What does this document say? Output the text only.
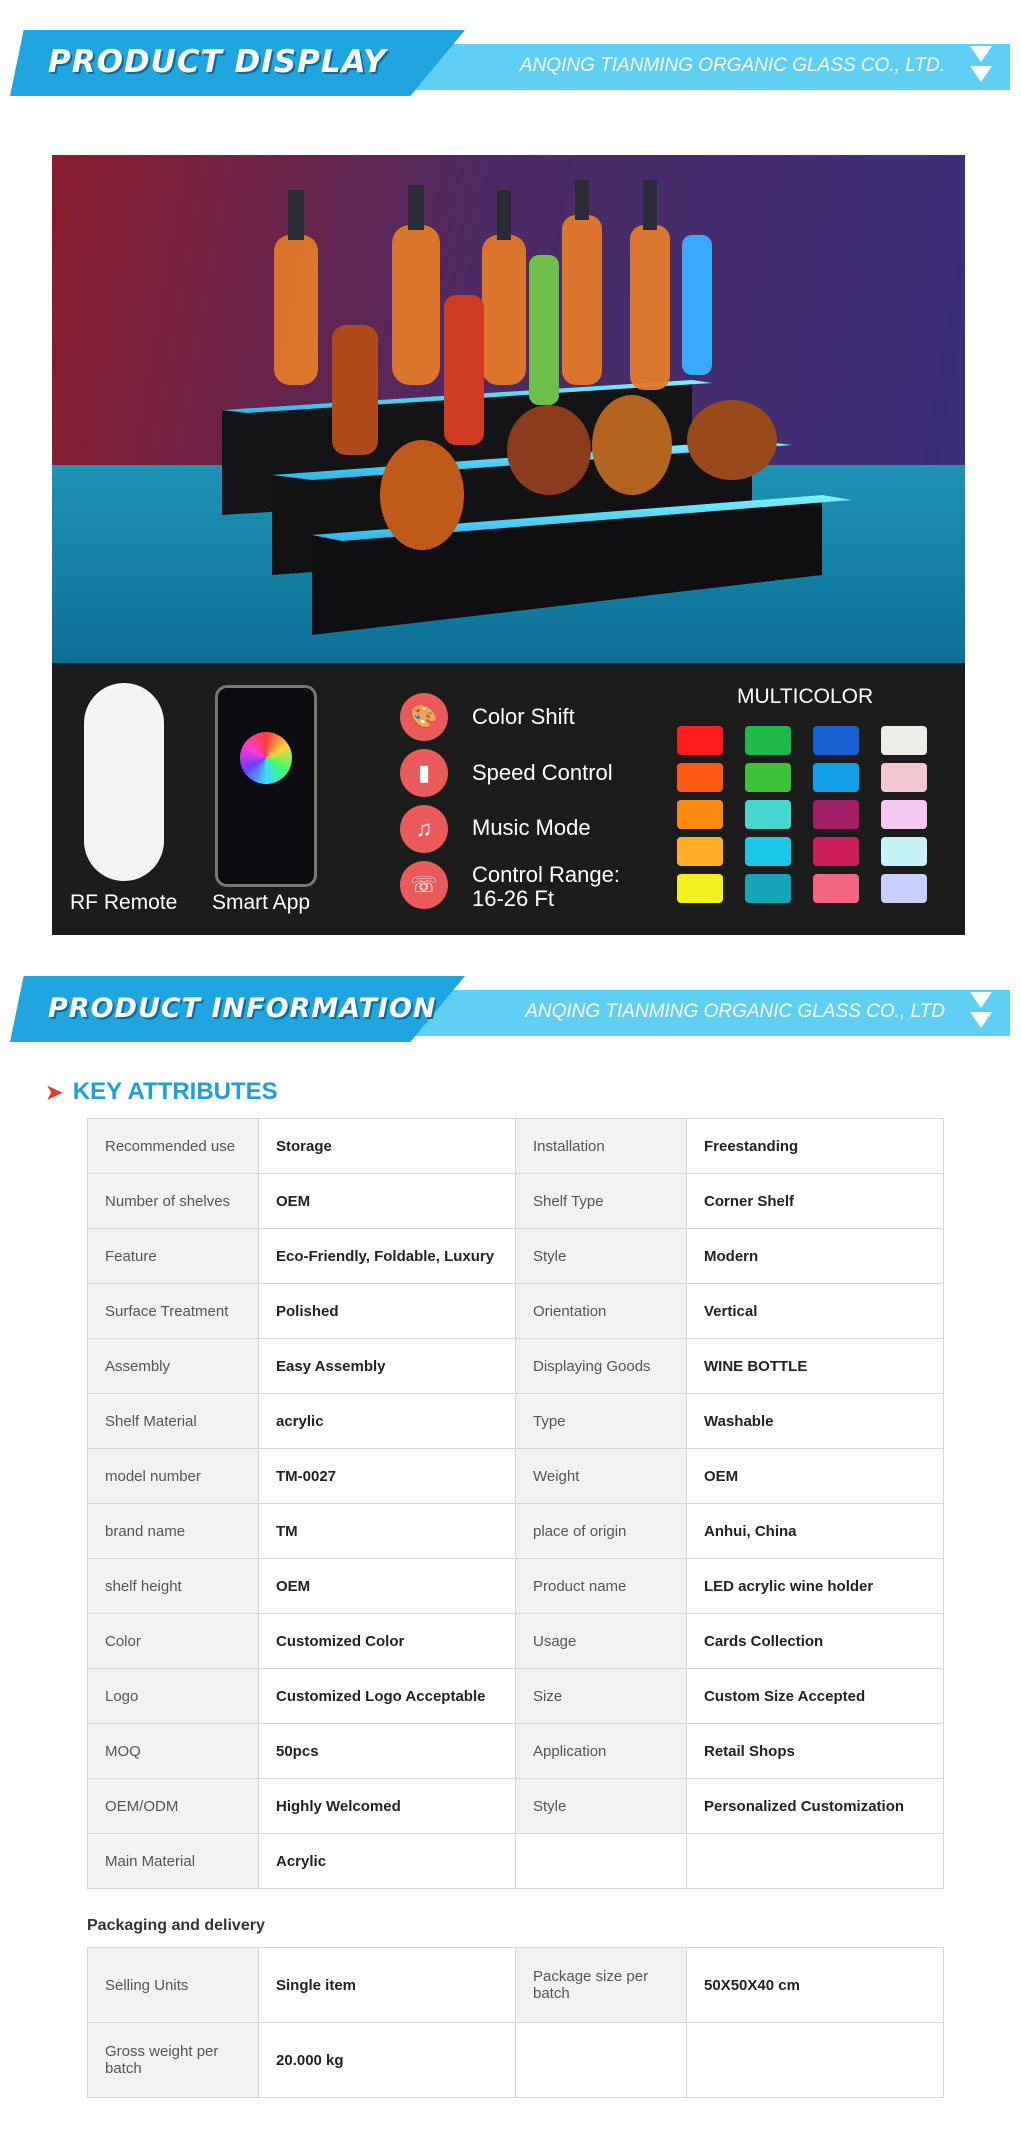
PRODUCT DISPLAY	ANQING TIANMING ORGANIC GLASS CO., LTD.
RF Remote Smart App
🎨	Color Shift
▮	Speed Control
♫	Music Mode
☏	Control Range:
16-26 Ft
MULTICOLOR
PRODUCT INFORMATION	ANQING TIANMING ORGANIC GLASS CO., LTD
➤ KEY ATTRIBUTES
Recommended use	Storage	Installation	Freestanding
Number of shelves	OEM	Shelf Type	Corner Shelf
Feature	Eco-Friendly, Foldable, Luxury	Style	Modern
Surface Treatment	Polished	Orientation	Vertical
Assembly	Easy Assembly	Displaying Goods	WINE BOTTLE
Shelf Material	acrylic	Type	Washable
model number	TM-0027	Weight	OEM
brand name	TM	place of origin	Anhui, China
shelf height	OEM	Product name	LED acrylic wine holder
Color	Customized Color	Usage	Cards Collection
Logo	Customized Logo Acceptable	Size	Custom Size Accepted
MOQ	50pcs	Application	Retail Shops
OEM/ODM	Highly Welcomed	Style	Personalized Customization
Main Material	Acrylic		
Packaging and delivery
Selling Units	Single item	Package size per batch	50X50X40 cm
Gross weight per batch	20.000 kg		
